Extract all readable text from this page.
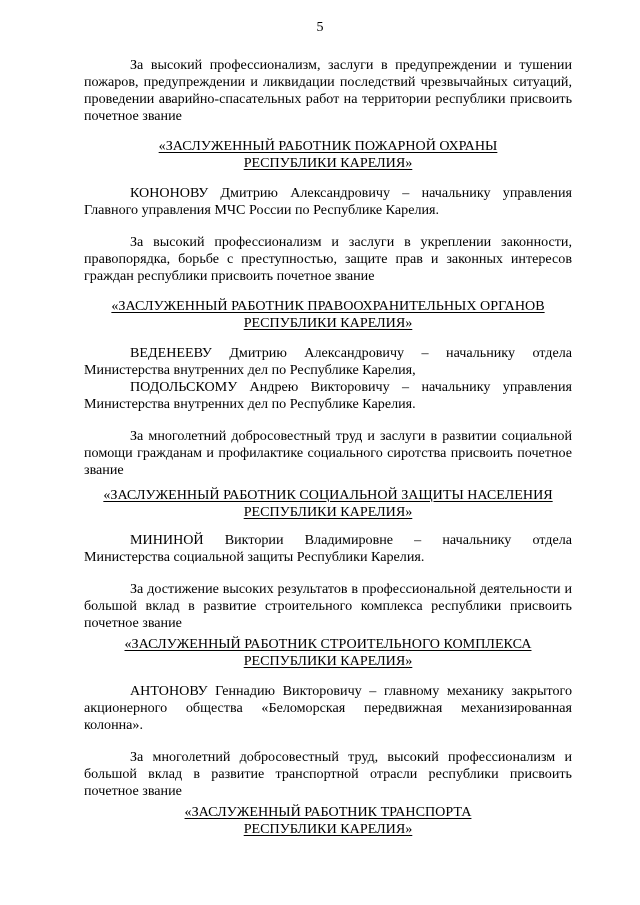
5

За высокий профессионализм, заслуги в предупреждении и тушении пожаров, предупреждении и ликвидации последствий чрезвычайных ситуаций, проведении аварийно-спасательных работ на территории республики присвоить почетное звание

«ЗАСЛУЖЕННЫЙ РАБОТНИК ПОЖАРНОЙ ОХРАНЫ

РЕСПУБЛИКИ КАРЕЛИЯ»

КОНОНОВУ Дмитрию Александровичу – начальнику управления Главного управления МЧС России по Республике Карелия.

За высокий профессионализм и заслуги в укреплении законности, правопорядка, борьбе с преступностью, защите прав и законных интересов граждан республики присвоить почетное звание

«ЗАСЛУЖЕННЫЙ РАБОТНИК ПРАВООХРАНИТЕЛЬНЫХ ОРГАНОВ

РЕСПУБЛИКИ КАРЕЛИЯ»

ВЕДЕНЕЕВУ Дмитрию Александровичу – начальнику отдела Министерства внутренних дел по Республике Карелия,

ПОДОЛЬСКОМУ Андрею Викторовичу – начальнику управления Министерства внутренних дел по Республике Карелия.

За многолетний добросовестный труд и заслуги в развитии социальной помощи гражданам и профилактике социального сиротства присвоить почетное звание

«ЗАСЛУЖЕННЫЙ РАБОТНИК СОЦИАЛЬНОЙ ЗАЩИТЫ НАСЕЛЕНИЯ

РЕСПУБЛИКИ КАРЕЛИЯ»

МИНИНОЙ Виктории Владимировне – начальнику отдела Министерства социальной защиты Республики Карелия.

За достижение высоких результатов в профессиональной деятельности и большой вклад в развитие строительного комплекса республики присвоить почетное звание

«ЗАСЛУЖЕННЫЙ РАБОТНИК СТРОИТЕЛЬНОГО КОМПЛЕКСА

РЕСПУБЛИКИ КАРЕЛИЯ»

АНТОНОВУ Геннадию Викторовичу – главному механику закрытого акционерного общества «Беломорская передвижная механизированная колонна».

За многолетний добросовестный труд, высокий профессионализм и большой вклад в развитие транспортной отрасли республики присвоить почетное звание

«ЗАСЛУЖЕННЫЙ РАБОТНИК ТРАНСПОРТА

РЕСПУБЛИКИ КАРЕЛИЯ»
